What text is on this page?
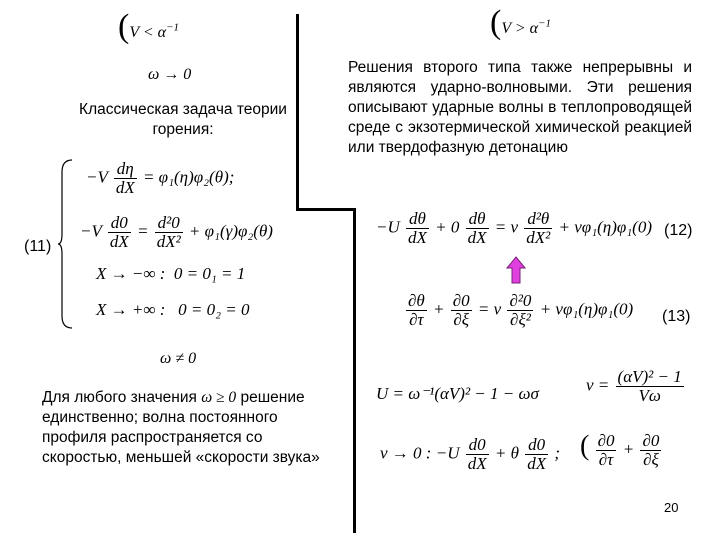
($V < \alpha^{-1}$
ω → 0
Классическая задача теории горения:
(11)
$-V \frac{d\eta}{dX} = \varphi_1(\eta)\varphi_2(\theta)$;
$-V \frac{d0}{dX} = \frac{\text{d²0}}{\text{dX²}} + \varphi_1(\gamma)\varphi_2(\theta)$
X → −∞ : 0 = 0₁ = 1
X → +∞ : 0 = 0₂ = 0
ω ≠ 0
Для любого значения ω ≥ 0 решение единственно; волна постоянного профиля распространяется со скоростью, меньшей «скорости звука»
($V > \alpha^{-1}$
Решения второго типа также непрерывны и являются ударно-волновыми. Эти решения описывают ударные волны в теплопроводящей среде с экзотермической химической реакцией или твердофазную детонацию
$-U \frac{d\theta}{dX} + 0 \frac{d\theta}{dX} = \nu \frac{\text{d²θ}}{\text{dX²}} + \nu\varphi_1(\eta)\varphi_1(0)$ (12)
$\frac{\partial\theta}{\partial\tau} + \frac{\partial 0}{\partial\xi} = \nu \frac{\text{∂²0}}{\text{∂ξ²}} + \nu\varphi_1(\eta)\varphi_1(0)$ (13)
U = ω⁻¹(αV)² − 1 − ωσ	$\nu = \frac{\text{(αV)² − 1}}{V\omega}$
ν → 0 : $-U \frac{d0}{dX} + \theta \frac{d0}{dX}$ ; ( $\frac{\partial 0}{\partial\tau} + \frac{\partial 0}{\partial\xi}$
20
